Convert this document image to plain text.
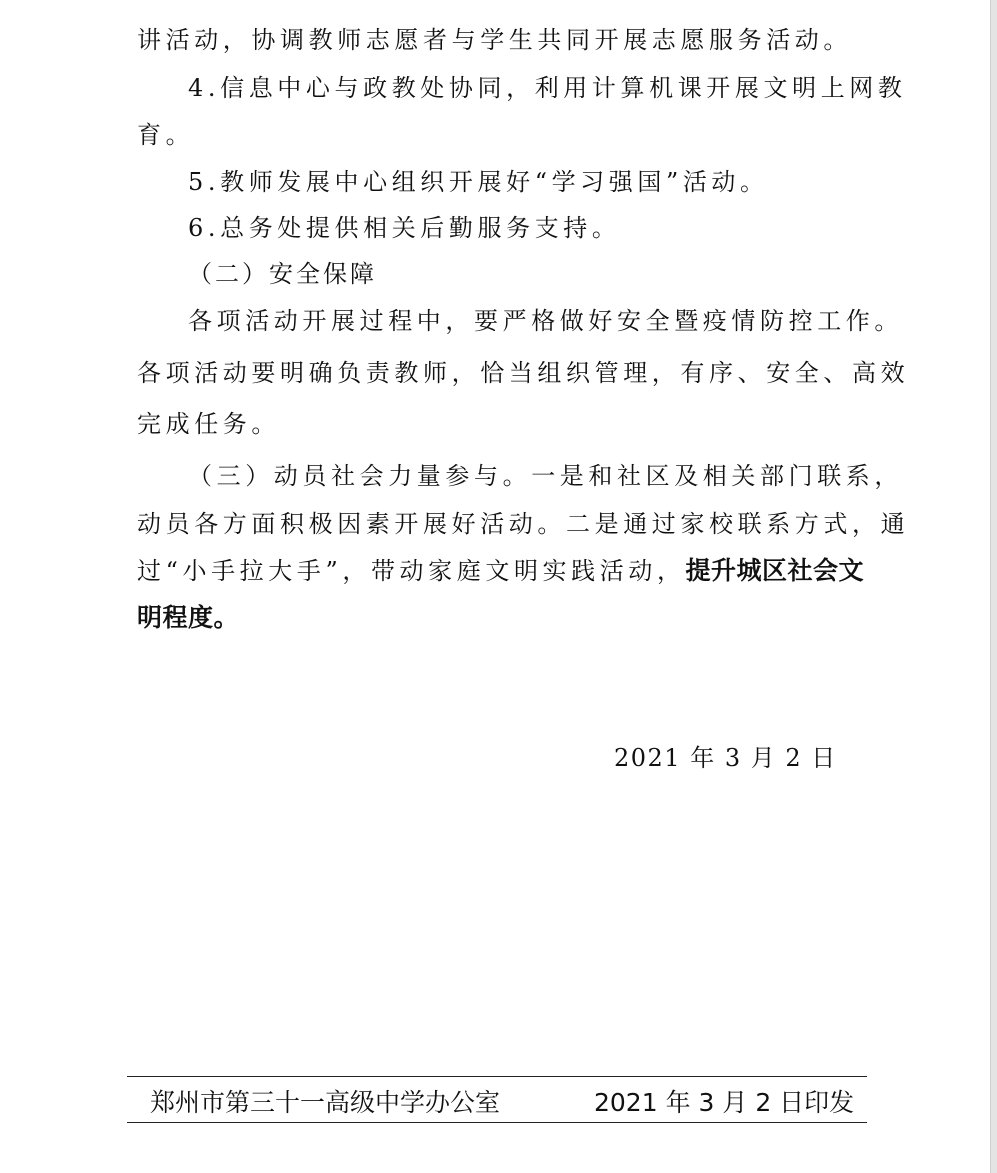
讲活动，协调教师志愿者与学生共同开展志愿服务活动。
4.信息中心与政教处协同，利用计算机课开展文明上网教
育。
5.教师发展中心组织开展好“学习强国”活动。
6.总务处提供相关后勤服务支持。
（二）安全保障
各项活动开展过程中，要严格做好安全暨疫情防控工作。
各项活动要明确负责教师，恰当组织管理，有序、安全、高效
完成任务。
（三）动员社会力量参与。一是和社区及相关部门联系，
动员各方面积极因素开展好活动。二是通过家校联系方式，通
过“小手拉大手”，带动家庭文明实践活动，提升城区社会文
明程度。
2021 年 3 月 2 日
郑州市第三十一高级中学办公室	2021 年 3 月 2 日印发
